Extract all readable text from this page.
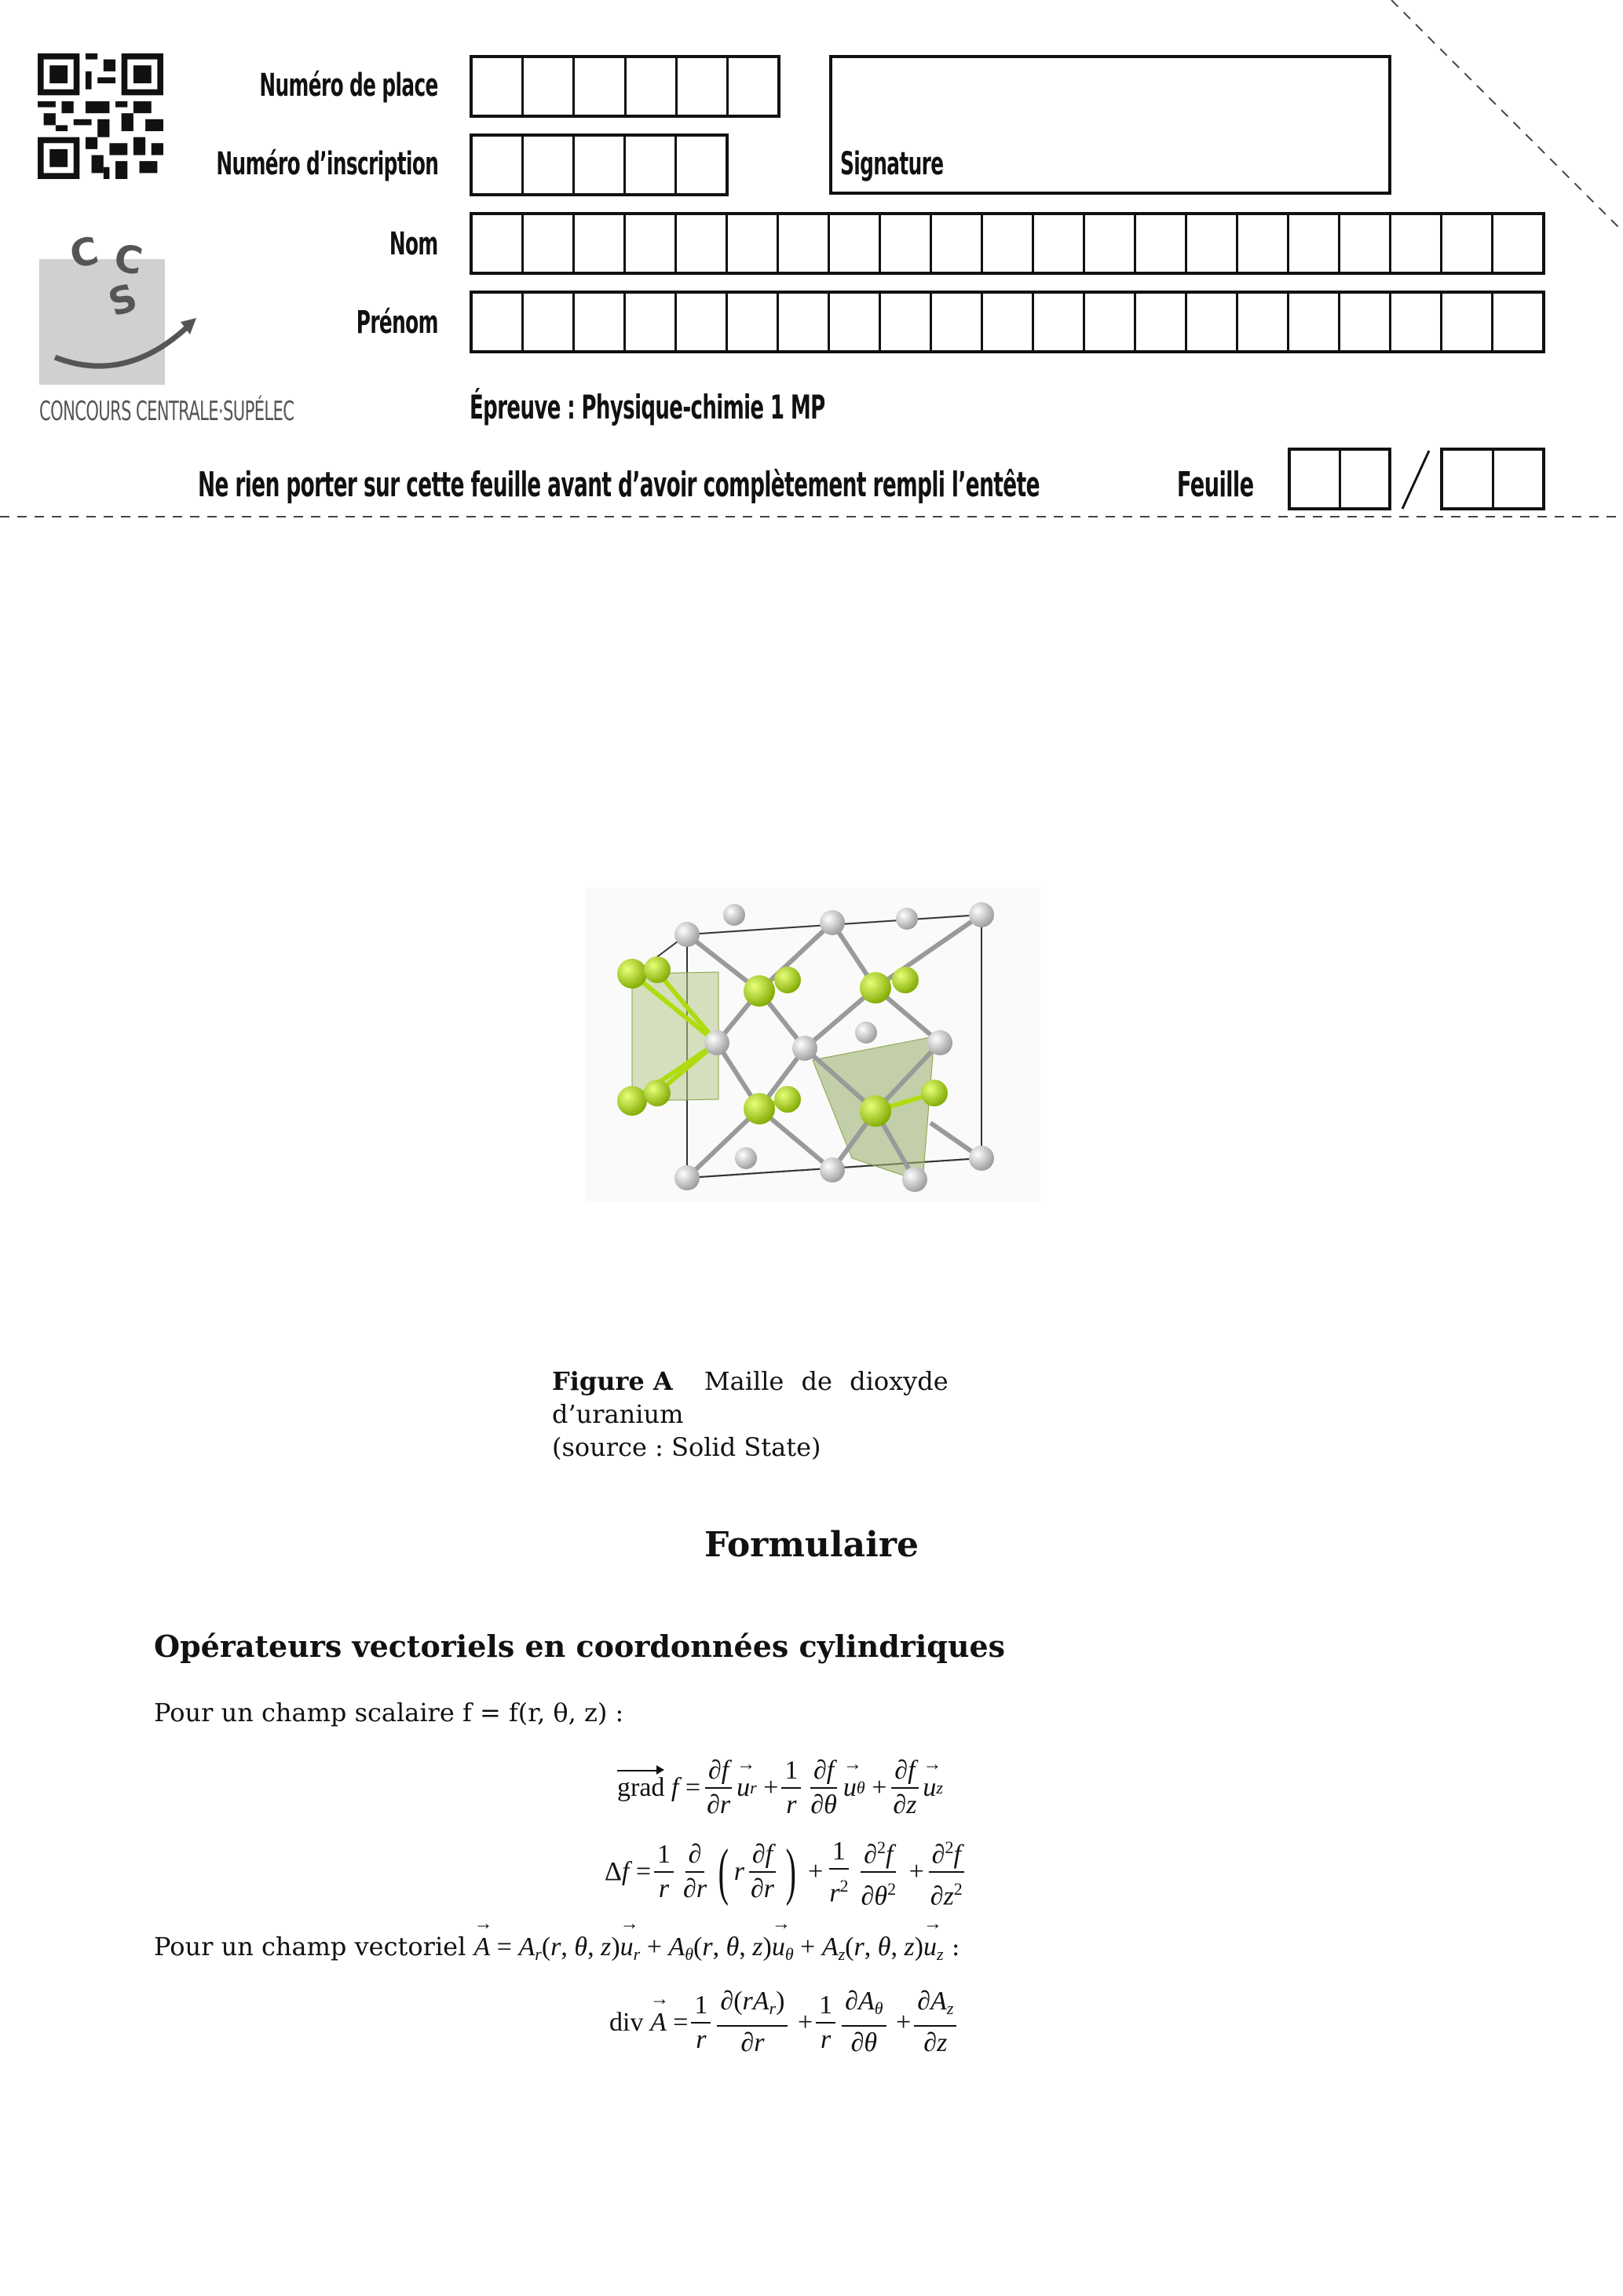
Numéro de place
Numéro d’inscription
Nom
Prénom
Signature
C C
S
CONCOURS CENTRALE·SUPÉLEC	Épreuve : Physique-chimie 1 MP
Ne rien porter sur cette feuille avant d’avoir complètement rempli l’entête	Feuille
Figure A Maille de dioxyde d’uranium
(source : Solid State)
Formulaire
Opérateurs vectoriels en coordonnées cylindriques
Pour un champ scalaire f = f(r, θ, z) :
grad
$f = \frac{\partial f}{\partial r} \to u$ $r + \frac{1}{r} \frac{\partial f}{\partial\theta} \to u$ $\theta + \frac{\partial f}{\partial z} \to u$ z
Δ $f = \frac{1}{r} \frac{\partial}{\partial r}$ ( r $\frac{\partial f}{\partial r}$ ) + $\frac{1}{r^2} \frac{\partial^2f}{\partial\theta^2} + \frac{\partial^2f}{\partial z^2}$
Pour un champ vectoriel → $A = A_r(r$, θ, $z)\to u_r + A_\theta(r$, θ, $z)\to u_\theta + A_z(r$, θ, $z)\to u_z$ :
div → $A = \frac{1}{r} \frac{\partial(rA_r)}{\partial r} + \frac{1}{r} \frac{\partial A_\theta}{\partial\theta} + \frac{\partial A_z}{\partial z}$
